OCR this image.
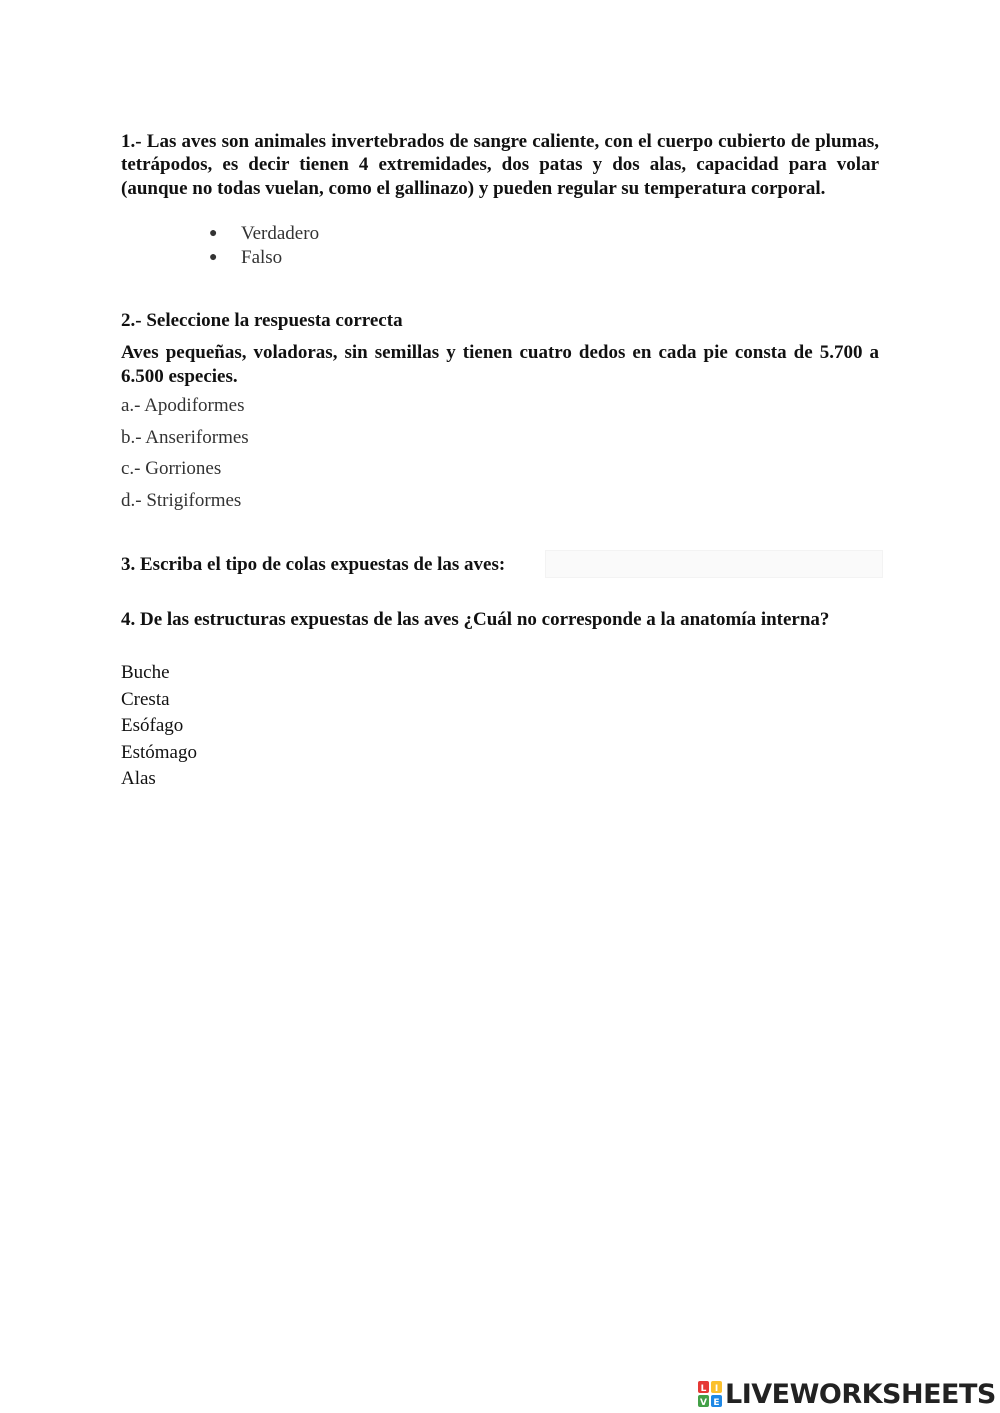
1.- Las aves son animales invertebrados de sangre caliente, con el cuerpo cubierto de plumas, tetrápodos, es decir tienen 4 extremidades, dos patas y dos alas, capacidad para volar (aunque no todas vuelan, como el gallinazo) y pueden regular su temperatura corporal.
●	Verdadero
●	Falso
2.- Seleccione la respuesta correcta
Aves pequeñas, voladoras, sin semillas y tienen cuatro dedos en cada pie consta de 5.700 a 6.500 especies.
a.- Apodiformes
b.- Anseriformes
c.- Gorriones
d.- Strigiformes
3. Escriba el tipo de colas expuestas de las aves:
4. De las estructuras expuestas de las aves ¿Cuál no corresponde a la anatomía interna?
Buche
Cresta
Esófago
Estómago
Alas
L I
V E LIVEWORKSHEETS
